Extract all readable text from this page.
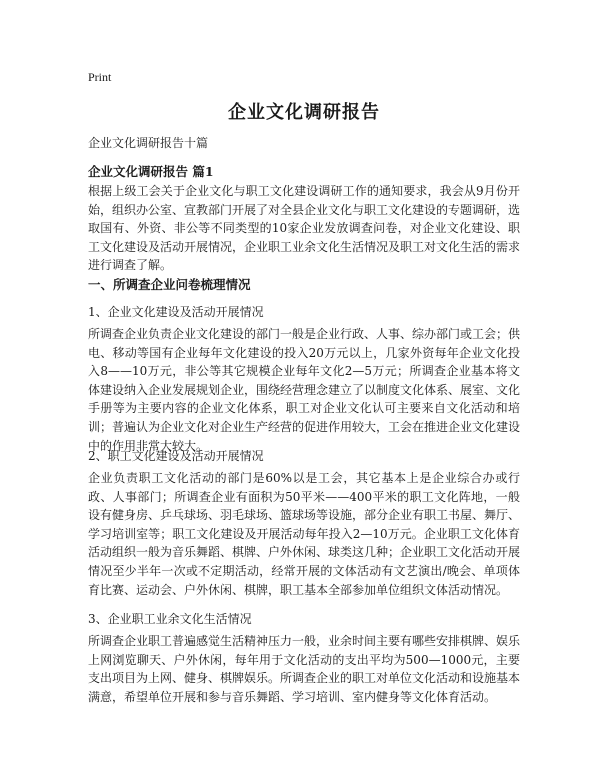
Print
企业文化调研报告
企业文化调研报告十篇
企业文化调研报告 篇1
根据上级工会关于企业文化与职工文化建设调研工作的通知要求，我会从9月份开始，组织办公室、宣教部门开展了对全县企业文化与职工文化建设的专题调研，选取国有、外资、非公等不同类型的10家企业发放调查问卷，对企业文化建设、职工文化建设及活动开展情况，企业职工业余文化生活情况及职工对文化生活的需求进行调查了解。
一、所调查企业问卷梳理情况
1、企业文化建设及活动开展情况
所调查企业负责企业文化建设的部门一般是企业行政、人事、综办部门或工会；供电、移动等国有企业每年文化建设的投入20万元以上，几家外资每年企业文化投入8——10万元，非公等其它规模企业每年文化2—5万元；所调查企业基本将文体建设纳入企业发展规划企业，围绕经营理念建立了以制度文化体系、展室、文化手册等为主要内容的企业文化体系，职工对企业文化认可主要来自文化活动和培训；普遍认为企业文化对企业生产经营的促进作用较大，工会在推进企业文化建设中的作用非常大较大。
2、职工文化建设及活动开展情况
企业负责职工文化活动的部门是60%以是工会，其它基本上是企业综合办或行政、人事部门；所调查企业有面积为50平米——400平米的职工文化阵地，一般设有健身房、乒乓球场、羽毛球场、篮球场等设施，部分企业有职工书屋、舞厅、学习培训室等；职工文化建设及开展活动每年投入2—10万元。企业职工文化体育活动组织一般为音乐舞蹈、棋牌、户外休闲、球类这几种；企业职工文化活动开展情况至少半年一次或不定期活动，经常开展的文体活动有文艺演出/晚会、单项体育比赛、运动会、户外休闲、棋牌，职工基本全部参加单位组织文体活动情况。
3、企业职工业余文化生活情况
所调查企业职工普遍感觉生活精神压力一般，业余时间主要有哪些安排棋牌、娱乐上网浏览聊天、户外休闲，每年用于文化活动的支出平均为500—1000元，主要支出项目为上网、健身、棋牌娱乐。所调查企业的职工对单位文化活动和设施基本满意，希望单位开展和参与音乐舞蹈、学习培训、室内健身等文化体育活动。
